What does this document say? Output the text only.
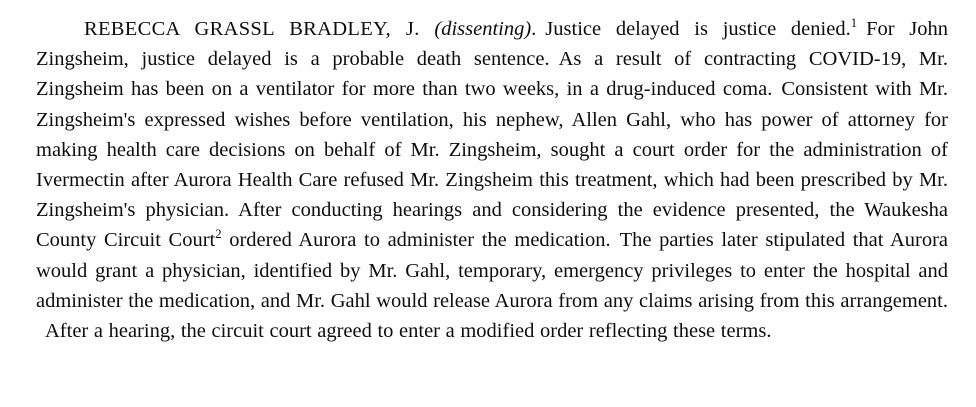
REBECCA GRASSL BRADLEY, J. (dissenting). Justice delayed is justice denied.$^1$ For John Zingsheim, justice delayed is a probable death sentence. As a result of contracting COVID-19, Mr. Zingsheim has been on a ventilator for more than two weeks, in a drug-induced coma. Consistent with Mr. Zingsheim's expressed wishes before ventilation, his nephew, Allen Gahl, who has power of attorney for making health care decisions on behalf of Mr. Zingsheim, sought a court order for the administration of Ivermectin after Aurora Health Care refused Mr. Zingsheim this treatment, which had been prescribed by Mr. Zingsheim's physician. After conducting hearings and considering the evidence presented, the Waukesha County Circuit Court$^2$ ordered Aurora to administer the medication. The parties later stipulated that Aurora would grant a physician, identified by Mr. Gahl, temporary, emergency privileges to enter the hospital and administer the medication, and Mr. Gahl would release Aurora from any claims arising from this arrangement.After a hearing, the circuit court agreed to enter a modified order reflecting these terms.
